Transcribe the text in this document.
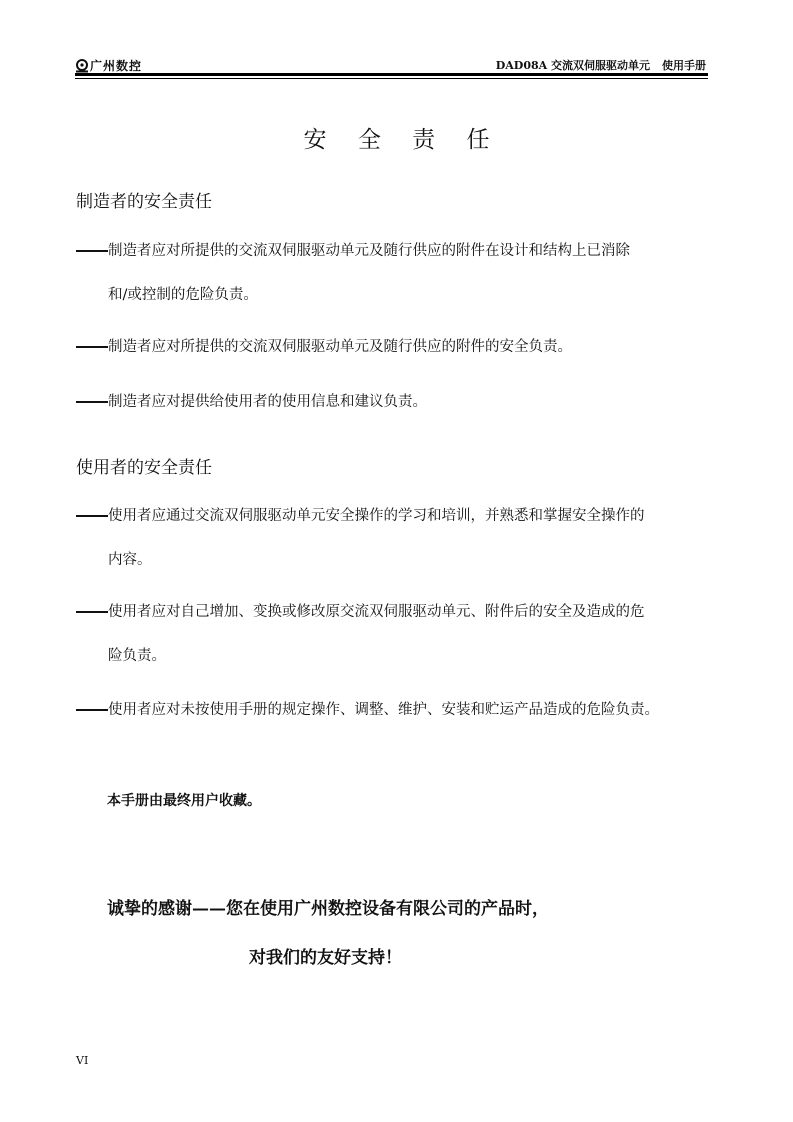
广州数控	DAD08A 交流双伺服驱动单元 使用手册
安 全 责 任
制造者的安全责任
制造者应对所提供的交流双伺服驱动单元及随行供应的附件在设计和结构上已消除
和/或控制的危险负责。
制造者应对所提供的交流双伺服驱动单元及随行供应的附件的安全负责。
制造者应对提供给使用者的使用信息和建议负责。
使用者的安全责任
使用者应通过交流双伺服驱动单元安全操作的学习和培训，并熟悉和掌握安全操作的
内容。
使用者应对自己增加、变换或修改原交流双伺服驱动单元、附件后的安全及造成的危
险负责。
使用者应对未按使用手册的规定操作、调整、维护、安装和贮运产品造成的危险负责。
本手册由最终用户收藏。
诚挚的感谢——您在使用广州数控设备有限公司的产品时，
对我们的友好支持！
VI
